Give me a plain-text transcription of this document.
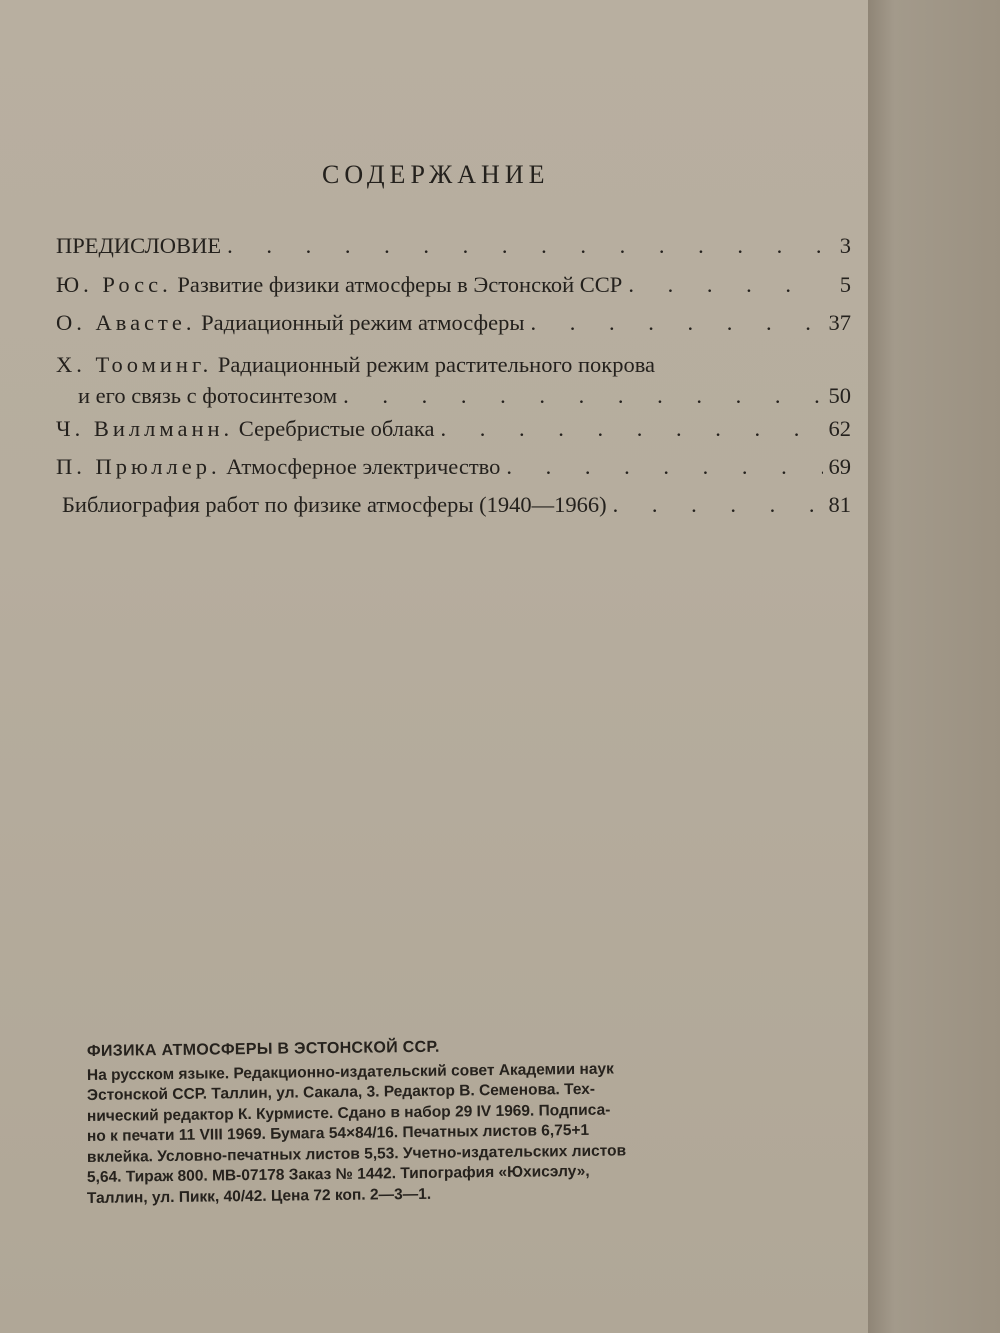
СОДЕРЖАНИЕ
ПРЕДИСЛОВИЕ . . .	3
Ю. Росс. Развитие физики атмосферы в Эстонской ССР . . .	5
О. Авасте. Радиационный режим атмосферы . . .	37
Х. Тооминг. Радиационный режим растительного покрова
и его связь с фотосинтезом . . .	50
Ч. Виллманн. Серебристые облака . . .	62
П. Прюллер. Атмосферное электричество . . .	69
Библиография работ по физике атмосферы (1940—1966) . . .	81
ФИЗИКА АТМОСФЕРЫ В ЭСТОНСКОЙ ССР.
На русском языке. Редакционно-издательский совет Академии наук
Эстонской ССР. Таллин, ул. Сакала, 3. Редактор В. Семенова. Тех-
нический редактор К. Курмисте. Сдано в набор 29 IV 1969. Подписа-
но к печати 11 VIII 1969. Бумага 54×84/16. Печатных листов 6,75+1
вклейка. Условно-печатных листов 5,53. Учетно-издательских листов
5,64. Тираж 800. МВ-07178 Заказ № 1442. Типография «Юхисэлу»,
Таллин, ул. Пикк, 40/42. Цена 72 коп. 2—3—1.
